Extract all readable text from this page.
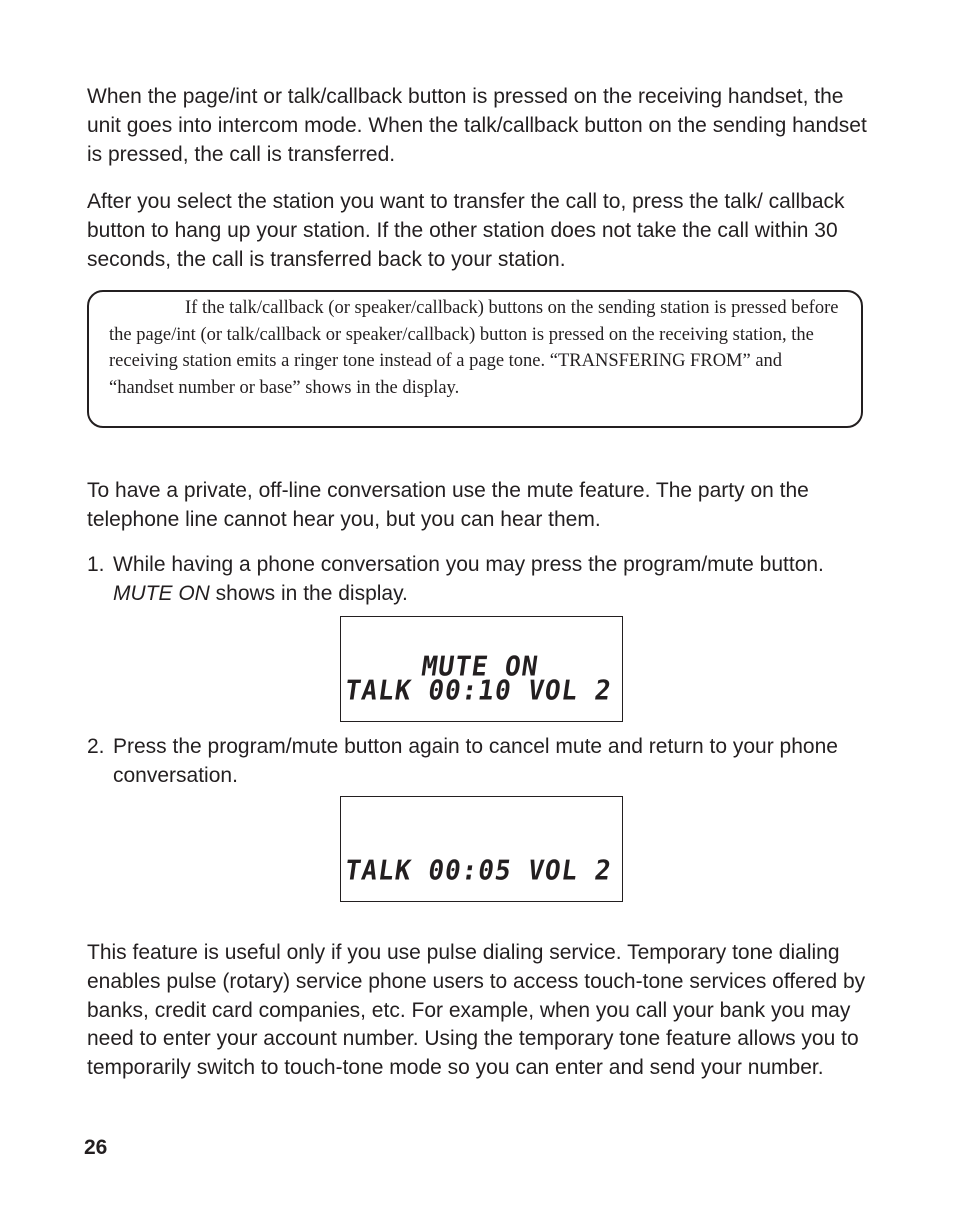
When the page/int or talk/callback button is pressed on the receiving handset, the unit goes into intercom mode. When the talk/callback button on the sending handset is pressed, the call is transferred.

After you select the station you want to transfer the call to, press the talk/ callback button to hang up your station. If the other station does not take the call within 30 seconds, the call is transferred back to your station.

If the talk/callback (or speaker/callback) buttons on the sending station is pressed before the page/int (or talk/callback or speaker/callback) button is pressed on the receiving station, the receiving station emits a ringer tone instead of a page tone. “TRANSFERING FROM” and “handset number or base” shows in the display.

To have a private, off-line conversation use the mute feature. The party on the telephone line cannot hear you, but you can hear them.

1. While having a phone conversation you may press the program/mute button. MUTE ON shows in the display.
MUTE ON
TALK 00:10 VOL 2
2. Press the program/mute button again to cancel mute and return to your phone conversation.
TALK 00:05 VOL 2

This feature is useful only if you use pulse dialing service. Temporary tone dialing enables pulse (rotary) service phone users to access touch-tone services offered by banks, credit card companies, etc. For example, when you call your bank you may need to enter your account number. Using the temporary tone feature allows you to temporarily switch to touch-tone mode so you can enter and send your number.

26
